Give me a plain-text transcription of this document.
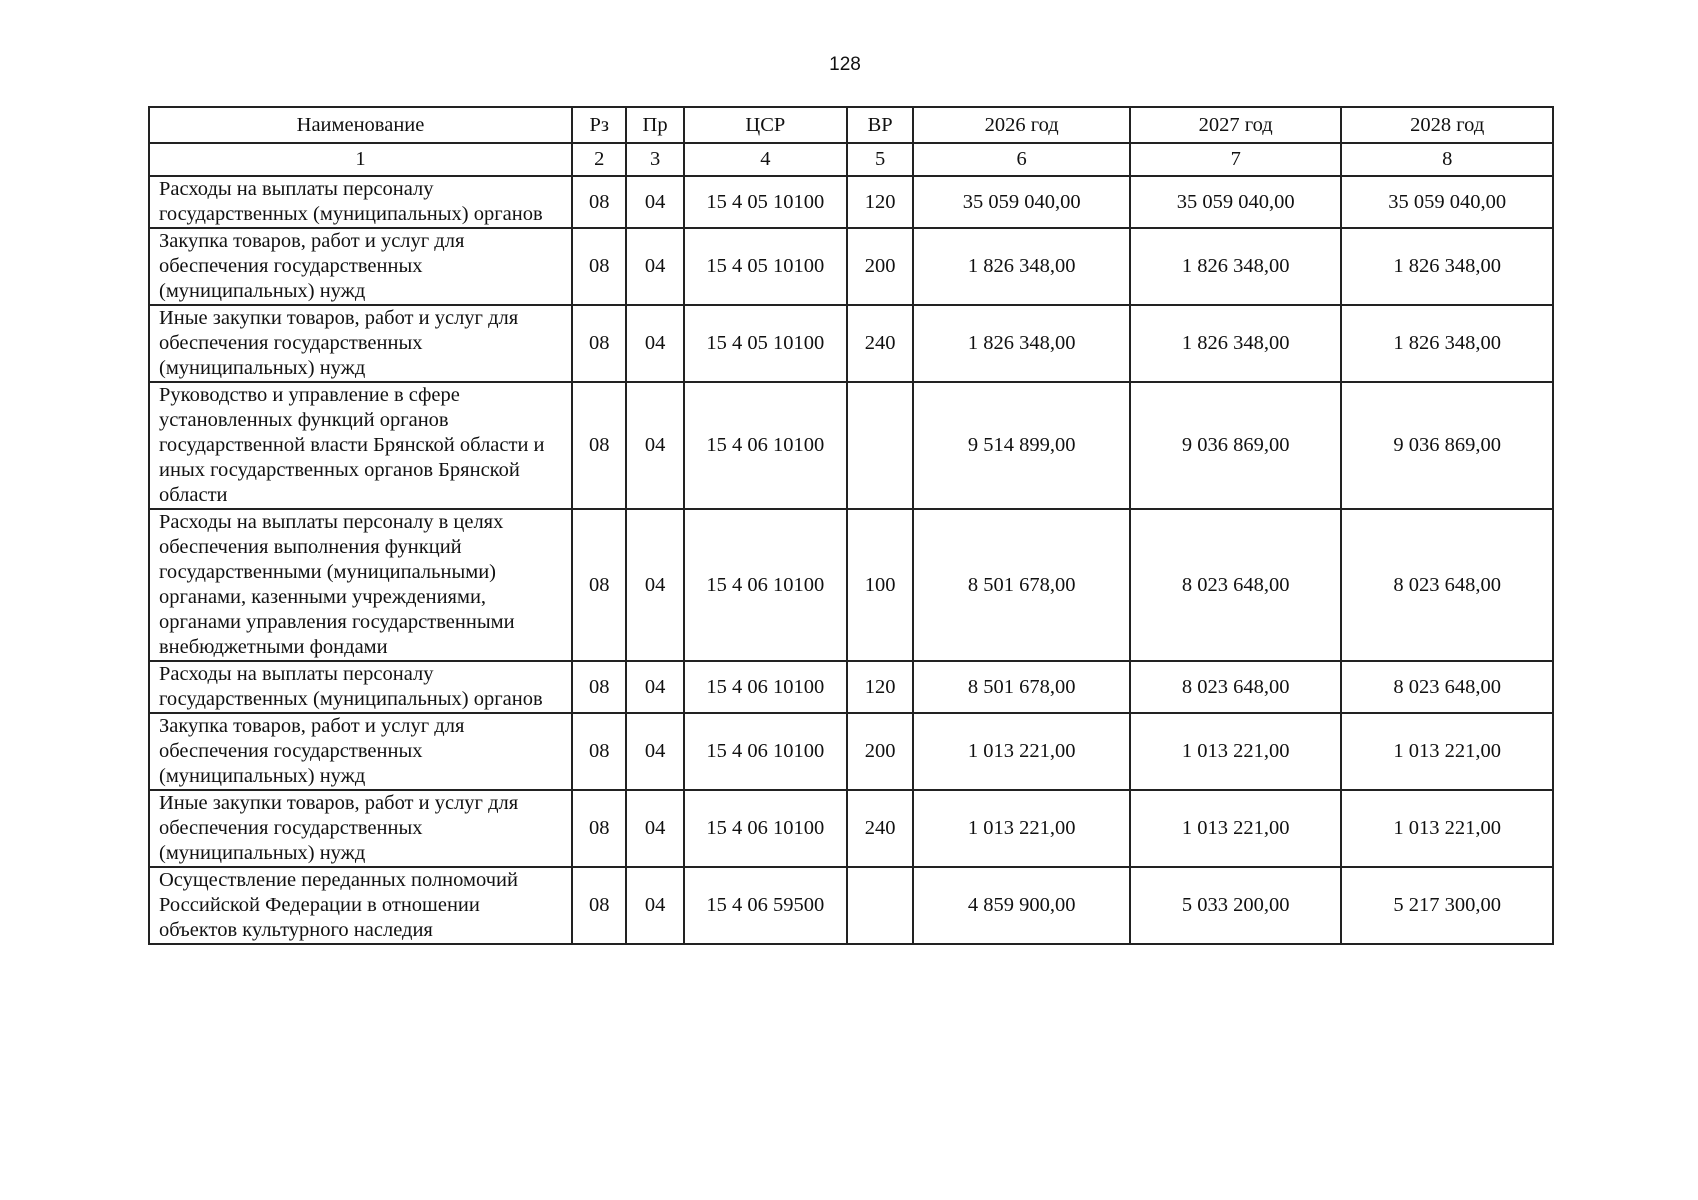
128
Наименование	Рз	Пр	ЦСР	ВР	2026 год	2027 год	2028 год
1	2	3	4	5	6	7	8
Расходы на выплаты персоналу государственных (муниципальных) органов	08	04	15 4 05 10100	120	35 059 040,00	35 059 040,00	35 059 040,00
Закупка товаров, работ и услуг для обеспечения государственных (муниципальных) нужд	08	04	15 4 05 10100	200	1 826 348,00	1 826 348,00	1 826 348,00
Иные закупки товаров, работ и услуг для обеспечения государственных (муниципальных) нужд	08	04	15 4 05 10100	240	1 826 348,00	1 826 348,00	1 826 348,00
Руководство и управление в сфере установленных функций органов государственной власти Брянской области и иных государственных органов Брянской области	08	04	15 4 06 10100		9 514 899,00	9 036 869,00	9 036 869,00
Расходы на выплаты персоналу в целях обеспечения выполнения функций государственными (муниципальными) органами, казенными учреждениями, органами управления государственными внебюджетными фондами	08	04	15 4 06 10100	100	8 501 678,00	8 023 648,00	8 023 648,00
Расходы на выплаты персоналу государственных (муниципальных) органов	08	04	15 4 06 10100	120	8 501 678,00	8 023 648,00	8 023 648,00
Закупка товаров, работ и услуг для обеспечения государственных (муниципальных) нужд	08	04	15 4 06 10100	200	1 013 221,00	1 013 221,00	1 013 221,00
Иные закупки товаров, работ и услуг для обеспечения государственных (муниципальных) нужд	08	04	15 4 06 10100	240	1 013 221,00	1 013 221,00	1 013 221,00
Осуществление переданных полномочий Российской Федерации в отношении объектов культурного наследия	08	04	15 4 06 59500		4 859 900,00	5 033 200,00	5 217 300,00
